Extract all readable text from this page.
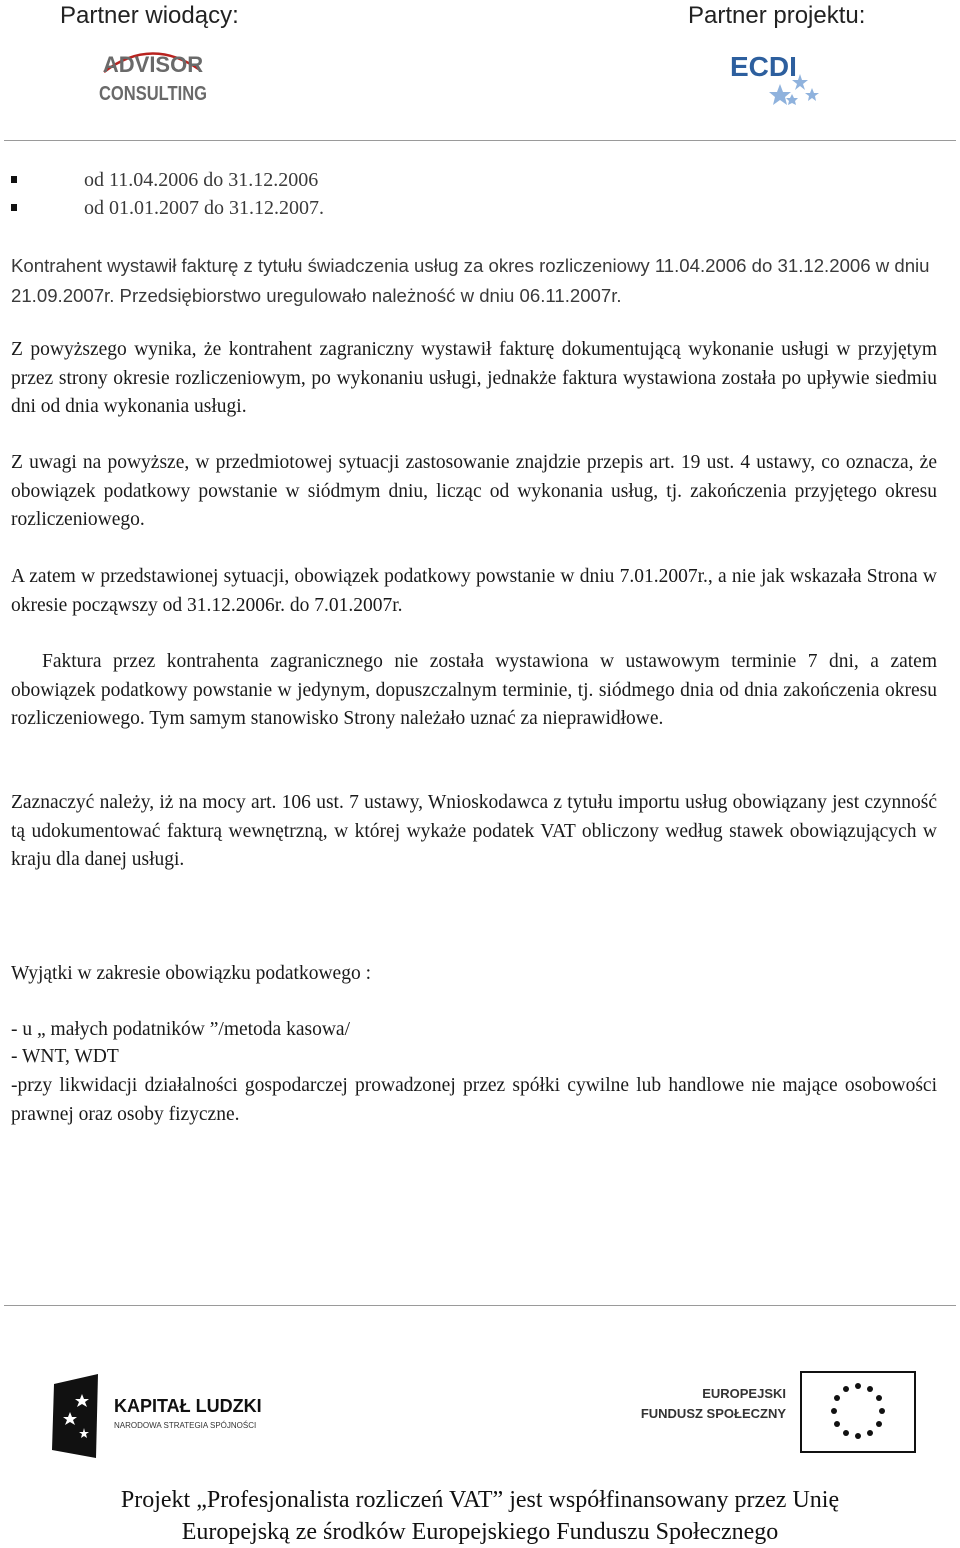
Partner wiodący:	Partner projektu:
ADVISOR
CONSULTING
ECDI
od 11.04.2006 do 31.12.2006
od 01.01.2007 do 31.12.2007.

Kontrahent wystawił fakturę z tytułu świadczenia usług za okres rozliczeniowy 11.04.2006 do 31.12.2006 w dniu 21.09.2007r. Przedsiębiorstwo uregulowało należność w dniu 06.11.2007r.

Z powyższego wynika, że kontrahent zagraniczny wystawił fakturę dokumentującą wykonanie usługi w przyjętym przez strony okresie rozliczeniowym, po wykonaniu usługi, jednakże faktura wystawiona została po upływie siedmiu dni od dnia wykonania usługi.

Z uwagi na powyższe, w przedmiotowej sytuacji zastosowanie znajdzie przepis art. 19 ust. 4 ustawy, co oznacza, że obowiązek podatkowy powstanie w siódmym dniu, licząc od wykonania usług, tj. zakończenia przyjętego okresu rozliczeniowego.

A zatem w przedstawionej sytuacji, obowiązek podatkowy powstanie w dniu 7.01.2007r., a nie jak wskazała Strona w okresie począwszy od 31.12.2006r. do 7.01.2007r.

Faktura przez kontrahenta zagranicznego nie została wystawiona w ustawowym terminie 7 dni, a zatem obowiązek podatkowy powstanie w jedynym, dopuszczalnym terminie, tj. siódmego dnia od dnia zakończenia okresu rozliczeniowego. Tym samym stanowisko Strony należało uznać za nieprawidłowe.

Zaznaczyć należy, iż na mocy art. 106 ust. 7 ustawy, Wnioskodawca z tytułu importu usług obowiązany jest czynność tą udokumentować fakturą wewnętrzną, w której wykaże podatek VAT obliczony według stawek obowiązujących w kraju dla danej usługi.

Wyjątki w zakresie obowiązku podatkowego :

- u „ małych podatników ”/metoda kasowa/

- WNT, WDT

-przy likwidacji działalności gospodarczej prowadzonej przez spółki cywilne lub handlowe nie mające osobowości prawnej oraz osoby fizyczne.

KAPITAŁ LUDZKI
NARODOWA STRATEGIA SPÓJNOŚCI
EUROPEJSKI
FUNDUSZ SPOŁECZNY
Projekt „Profesjonalista rozliczeń VAT” jest współfinansowany przez Unię
Europejską ze środków Europejskiego Funduszu Społecznego
